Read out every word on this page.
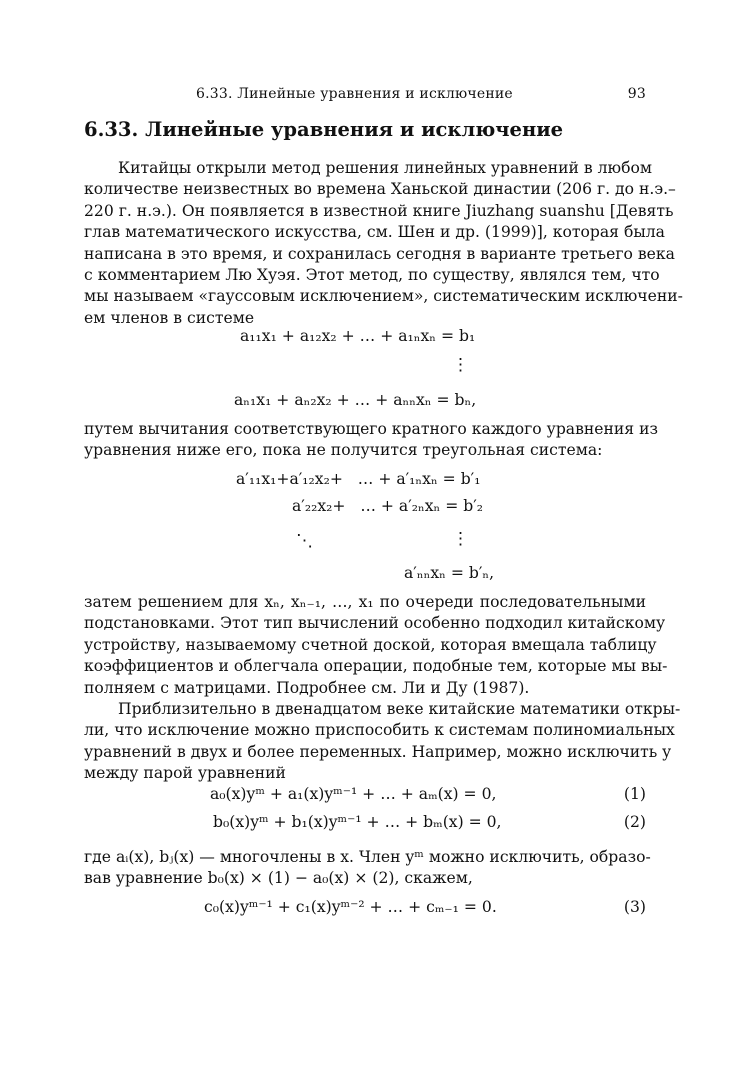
6.33. Линейные уравнения и исключение	93
6.33. Линейные уравнения и исключение
Китайцы открыли метод решения линейных уравнений в любом
количестве неизвестных во времена Ханьской династии (206 г. до н.э.–
220 г. н.э.). Он появляется в известной книге Jiuzhang suanshu [Девять
глав математического искусства, см. Шен и др. (1999)], которая была
написана в это время, и сохранилась сегодня в варианте третьего века
с комментарием Лю Хуэя. Этот метод, по существу, являлся тем, что
мы называем «гауссовым исключением», систематическим исключени-
ем членов в системе
a₁₁x₁ + a₁₂x₂ + … + a₁ₙxₙ = b₁
⋮
aₙ₁x₁ + aₙ₂x₂ + … + aₙₙxₙ = bₙ,
путем вычитания соответствующего кратного каждого уравнения из
уравнения ниже его, пока не получится треугольная система:
a′₁₁x₁+a′₁₂x₂+   … + a′₁ₙxₙ = b′₁
a′₂₂x₂+   … + a′₂ₙxₙ = b′₂
⋱	⋮
a′ₙₙxₙ = b′ₙ,
затем решением для xₙ, xₙ₋₁, …, x₁ по очереди последовательными
подстановками. Этот тип вычислений особенно подходил китайскому
устройству, называемому счетной доской, которая вмещала таблицу
коэффициентов и облегчала операции, подобные тем, которые мы вы-
полняем с матрицами. Подробнее см. Ли и Ду (1987).
Приблизительно в двенадцатом веке китайские математики откры-
ли, что исключение можно приспособить к системам полиномиальных
уравнений в двух и более переменных. Например, можно исключить y
между парой уравнений
a₀(x)yᵐ + a₁(x)yᵐ⁻¹ + … + aₘ(x) = 0,	(1)
b₀(x)yᵐ + b₁(x)yᵐ⁻¹ + … + bₘ(x) = 0,	(2)
где aᵢ(x), bⱼ(x) — многочлены в x. Член yᵐ можно исключить, образо-
вав уравнение b₀(x) × (1) − a₀(x) × (2), скажем,
c₀(x)yᵐ⁻¹ + c₁(x)yᵐ⁻² + … + cₘ₋₁ = 0.	(3)
